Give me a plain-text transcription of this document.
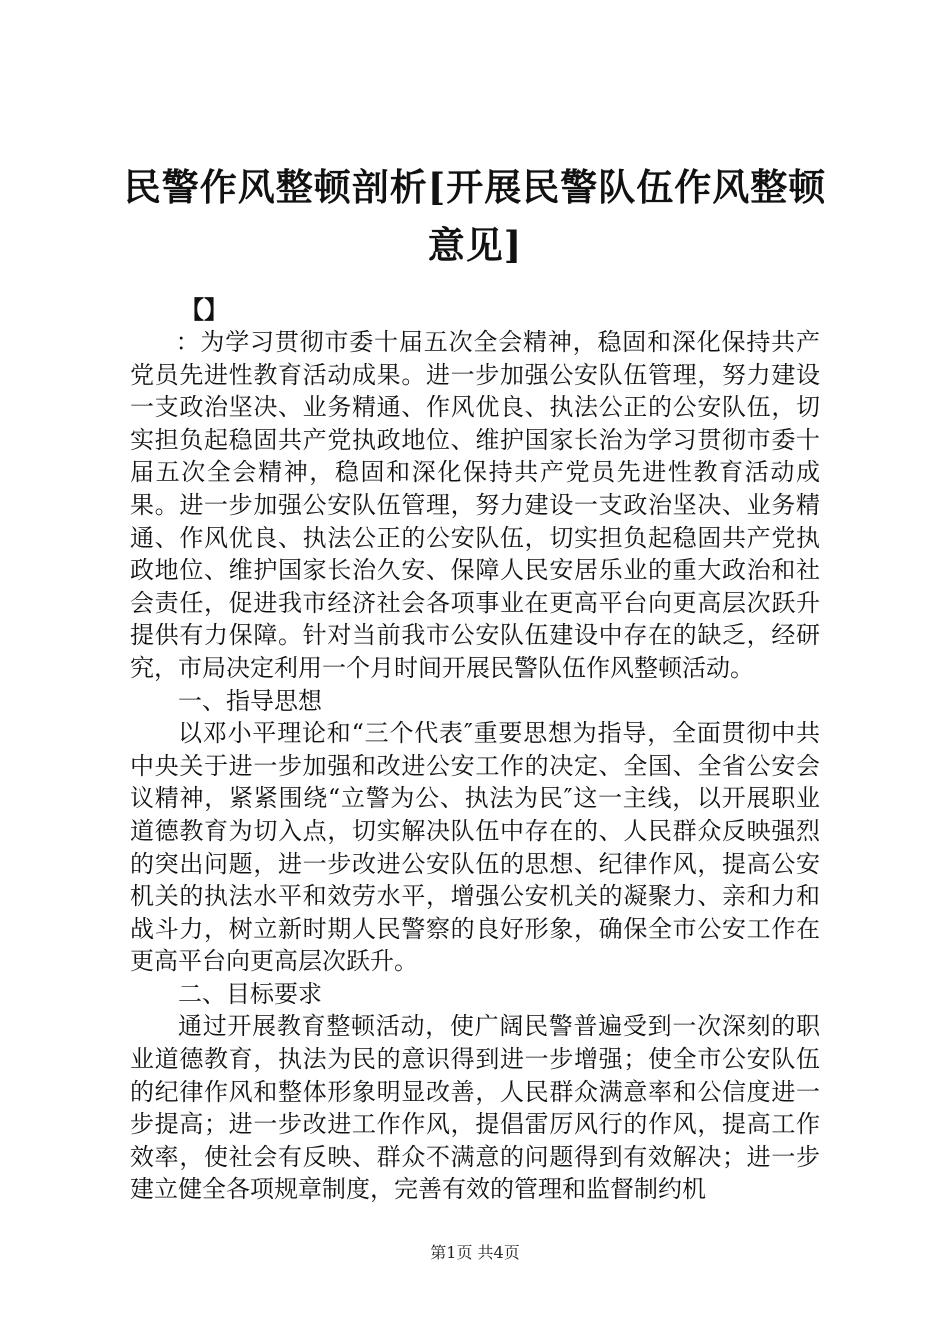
民警作风整顿剖析[开展民警队伍作风整顿意见]
【】

：为学习贯彻市委十届五次全会精神，稳固和深化保持共产党员先进性教育活动成果。进一步加强公安队伍管理，努力建设一支政治坚决、业务精通、作风优良、执法公正的公安队伍，切实担负起稳固共产党执政地位、维护国家长治为学习贯彻市委十届五次全会精神，稳固和深化保持共产党员先进性教育活动成果。进一步加强公安队伍管理，努力建设一支政治坚决、业务精通、作风优良、执法公正的公安队伍，切实担负起稳固共产党执政地位、维护国家长治久安、保障人民安居乐业的重大政治和社会责任，促进我市经济社会各项事业在更高平台向更高层次跃升提供有力保障。针对当前我市公安队伍建设中存在的缺乏，经研究，市局决定利用一个月时间开展民警队伍作风整顿活动。

一、指导思想

以邓小平理论和“三个代表″重要思想为指导，全面贯彻中共中央关于进一步加强和改进公安工作的决定、全国、全省公安会议精神，紧紧围绕“立警为公、执法为民″这一主线，以开展职业道德教育为切入点，切实解决队伍中存在的、人民群众反映强烈的突出问题，进一步改进公安队伍的思想、纪律作风，提高公安机关的执法水平和效劳水平，增强公安机关的凝聚力、亲和力和战斗力，树立新时期人民警察的良好形象，确保全市公安工作在更高平台向更高层次跃升。

二、目标要求

通过开展教育整顿活动，使广阔民警普遍受到一次深刻的职业道德教育，执法为民的意识得到进一步增强；使全市公安队伍的纪律作风和整体形象明显改善，人民群众满意率和公信度进一步提高；进一步改进工作作风，提倡雷厉风行的作风，提高工作效率，使社会有反映、群众不满意的问题得到有效解决；进一步建立健全各项规章制度，完善有效的管理和监督制约机

第1页 共4页
